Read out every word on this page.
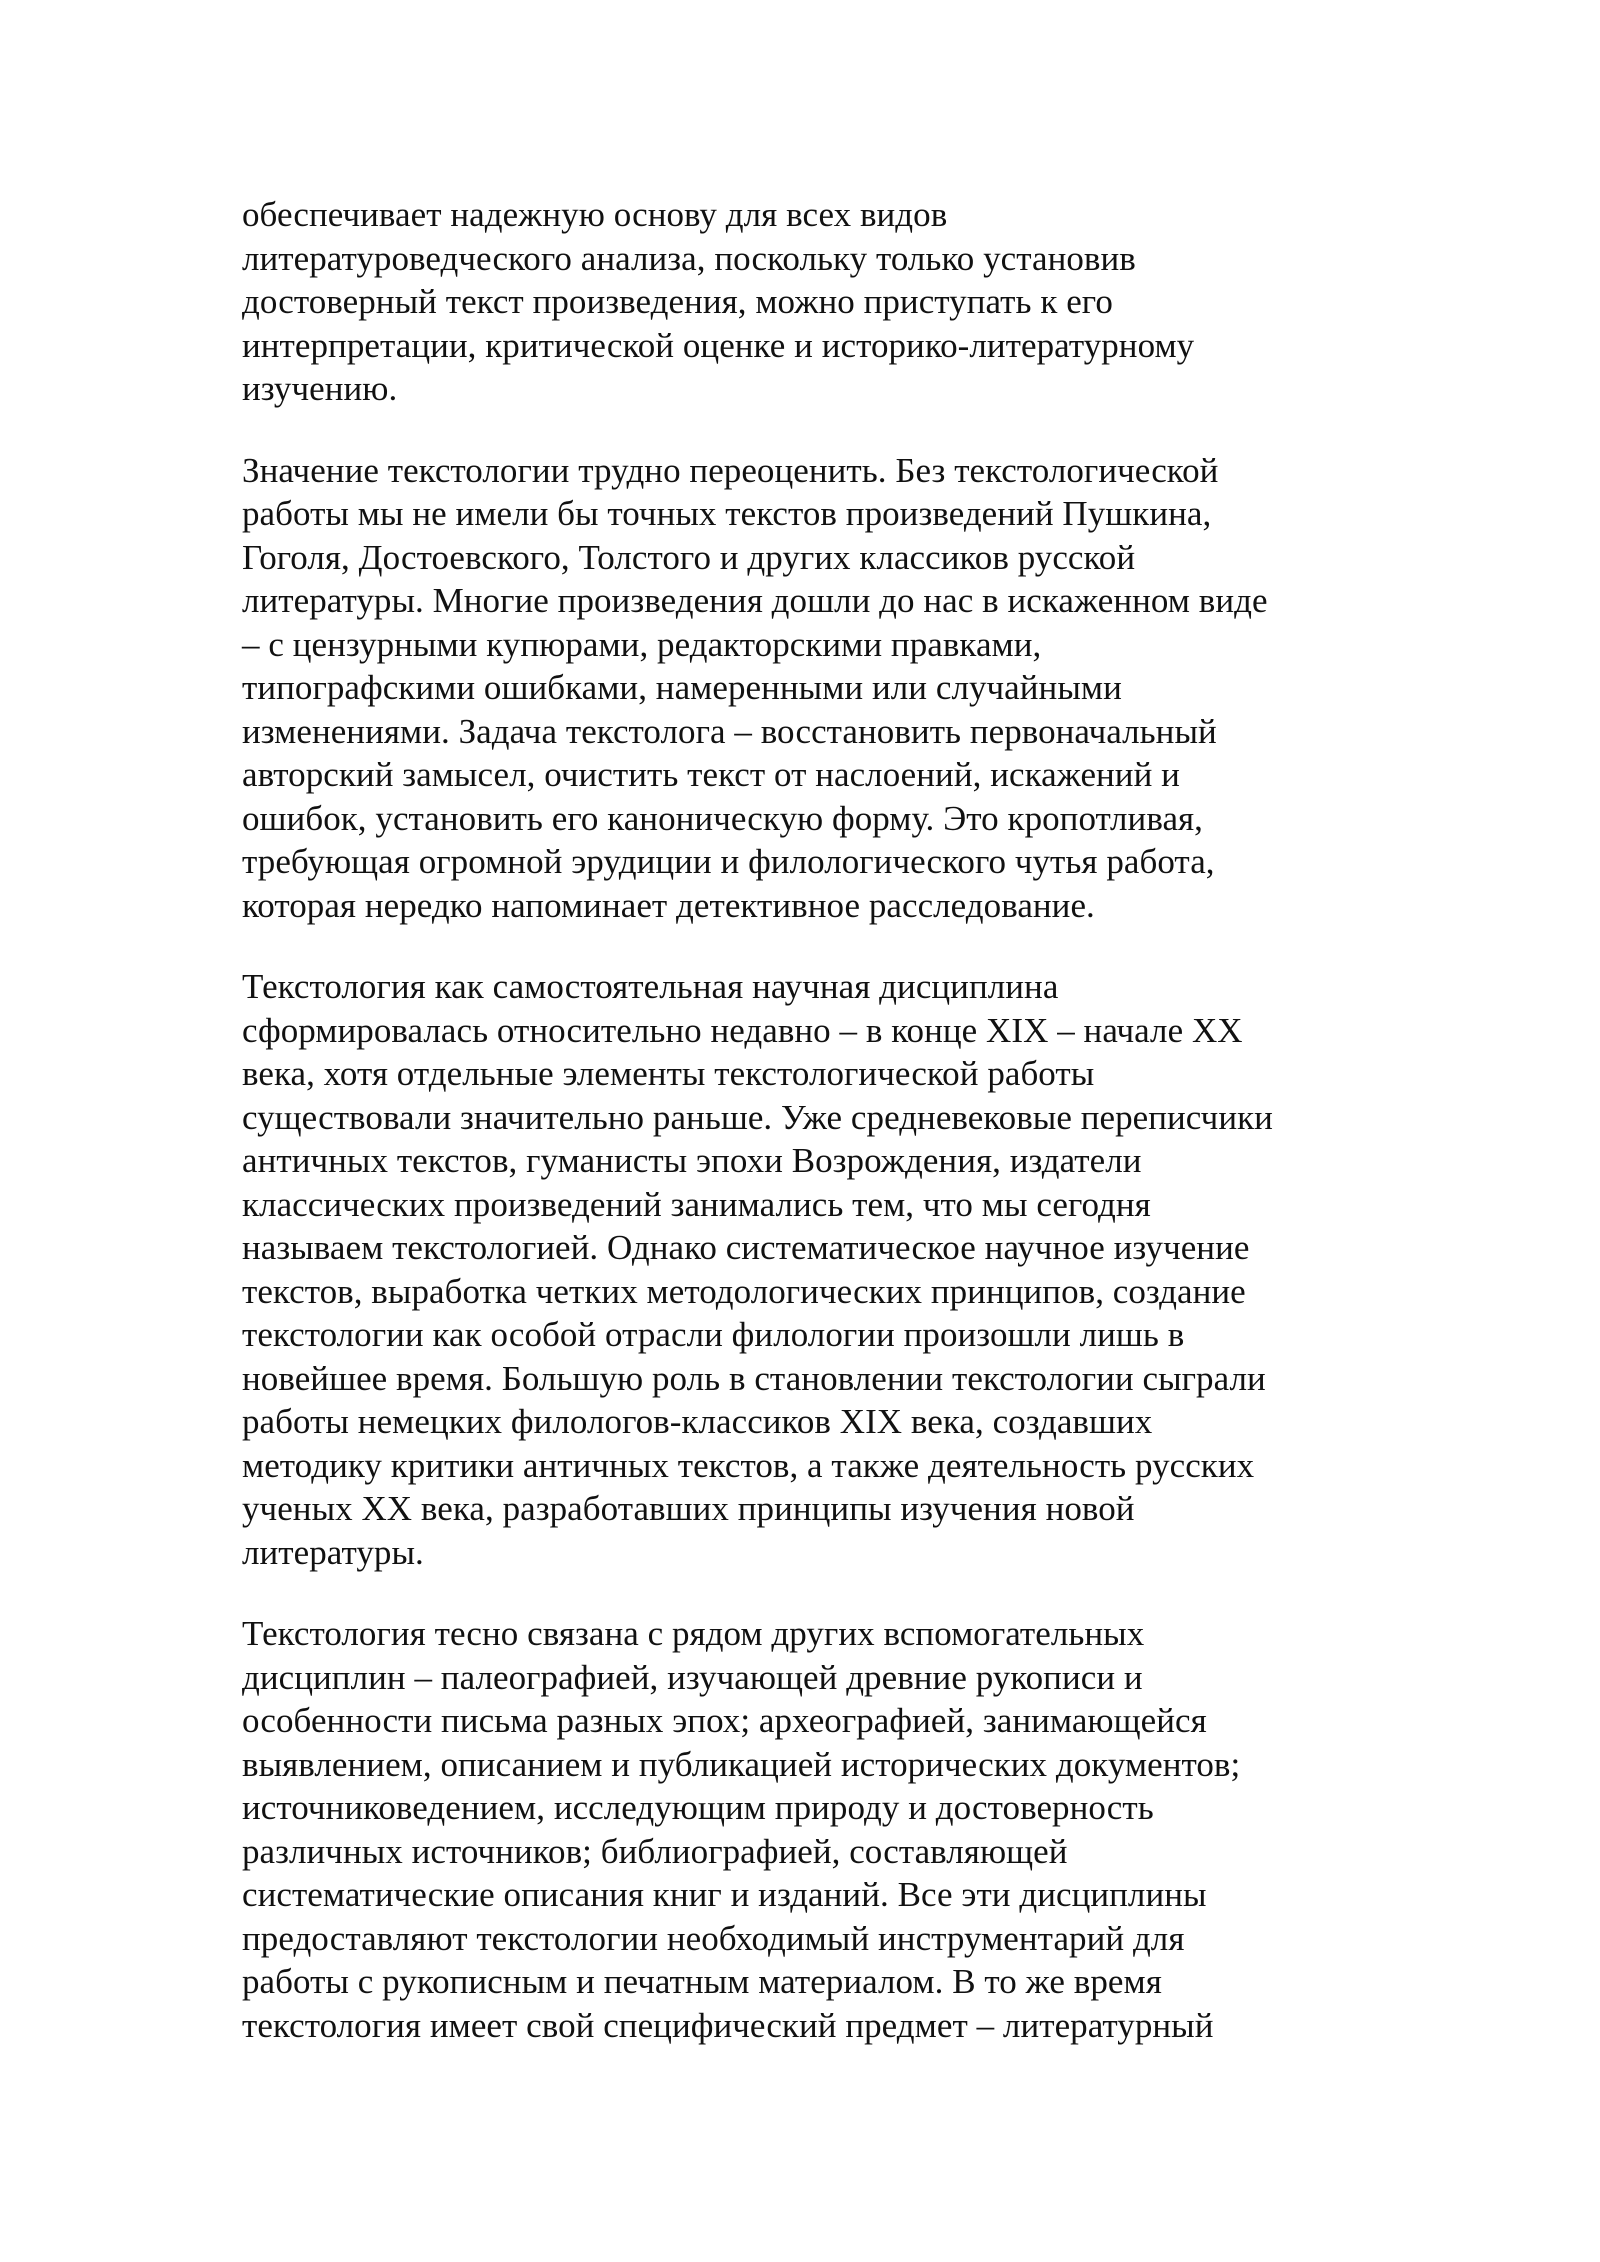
обеспечивает надежную основу для всех видов
литературоведческого анализа, поскольку только установив
достоверный текст произведения, можно приступать к его
интерпретации, критической оценке и историко-литературному
изучению.
Значение текстологии трудно переоценить. Без текстологической
работы мы не имели бы точных текстов произведений Пушкина,
Гоголя, Достоевского, Толстого и других классиков русской
литературы. Многие произведения дошли до нас в искаженном виде
– с цензурными купюрами, редакторскими правками,
типографскими ошибками, намеренными или случайными
изменениями. Задача текстолога – восстановить первоначальный
авторский замысел, очистить текст от наслоений, искажений и
ошибок, установить его каноническую форму. Это кропотливая,
требующая огромной эрудиции и филологического чутья работа,
которая нередко напоминает детективное расследование.
Текстология как самостоятельная научная дисциплина
сформировалась относительно недавно – в конце XIX – начале XX
века, хотя отдельные элементы текстологической работы
существовали значительно раньше. Уже средневековые переписчики
античных текстов, гуманисты эпохи Возрождения, издатели
классических произведений занимались тем, что мы сегодня
называем текстологией. Однако систематическое научное изучение
текстов, выработка четких методологических принципов, создание
текстологии как особой отрасли филологии произошли лишь в
новейшее время. Большую роль в становлении текстологии сыграли
работы немецких филологов-классиков XIX века, создавших
методику критики античных текстов, а также деятельность русских
ученых XX века, разработавших принципы изучения новой
литературы.
Текстология тесно связана с рядом других вспомогательных
дисциплин – палеографией, изучающей древние рукописи и
особенности письма разных эпох; археографией, занимающейся
выявлением, описанием и публикацией исторических документов;
источниковедением, исследующим природу и достоверность
различных источников; библиографией, составляющей
систематические описания книг и изданий. Все эти дисциплины
предоставляют текстологии необходимый инструментарий для
работы с рукописным и печатным материалом. В то же время
текстология имеет свой специфический предмет – литературный
